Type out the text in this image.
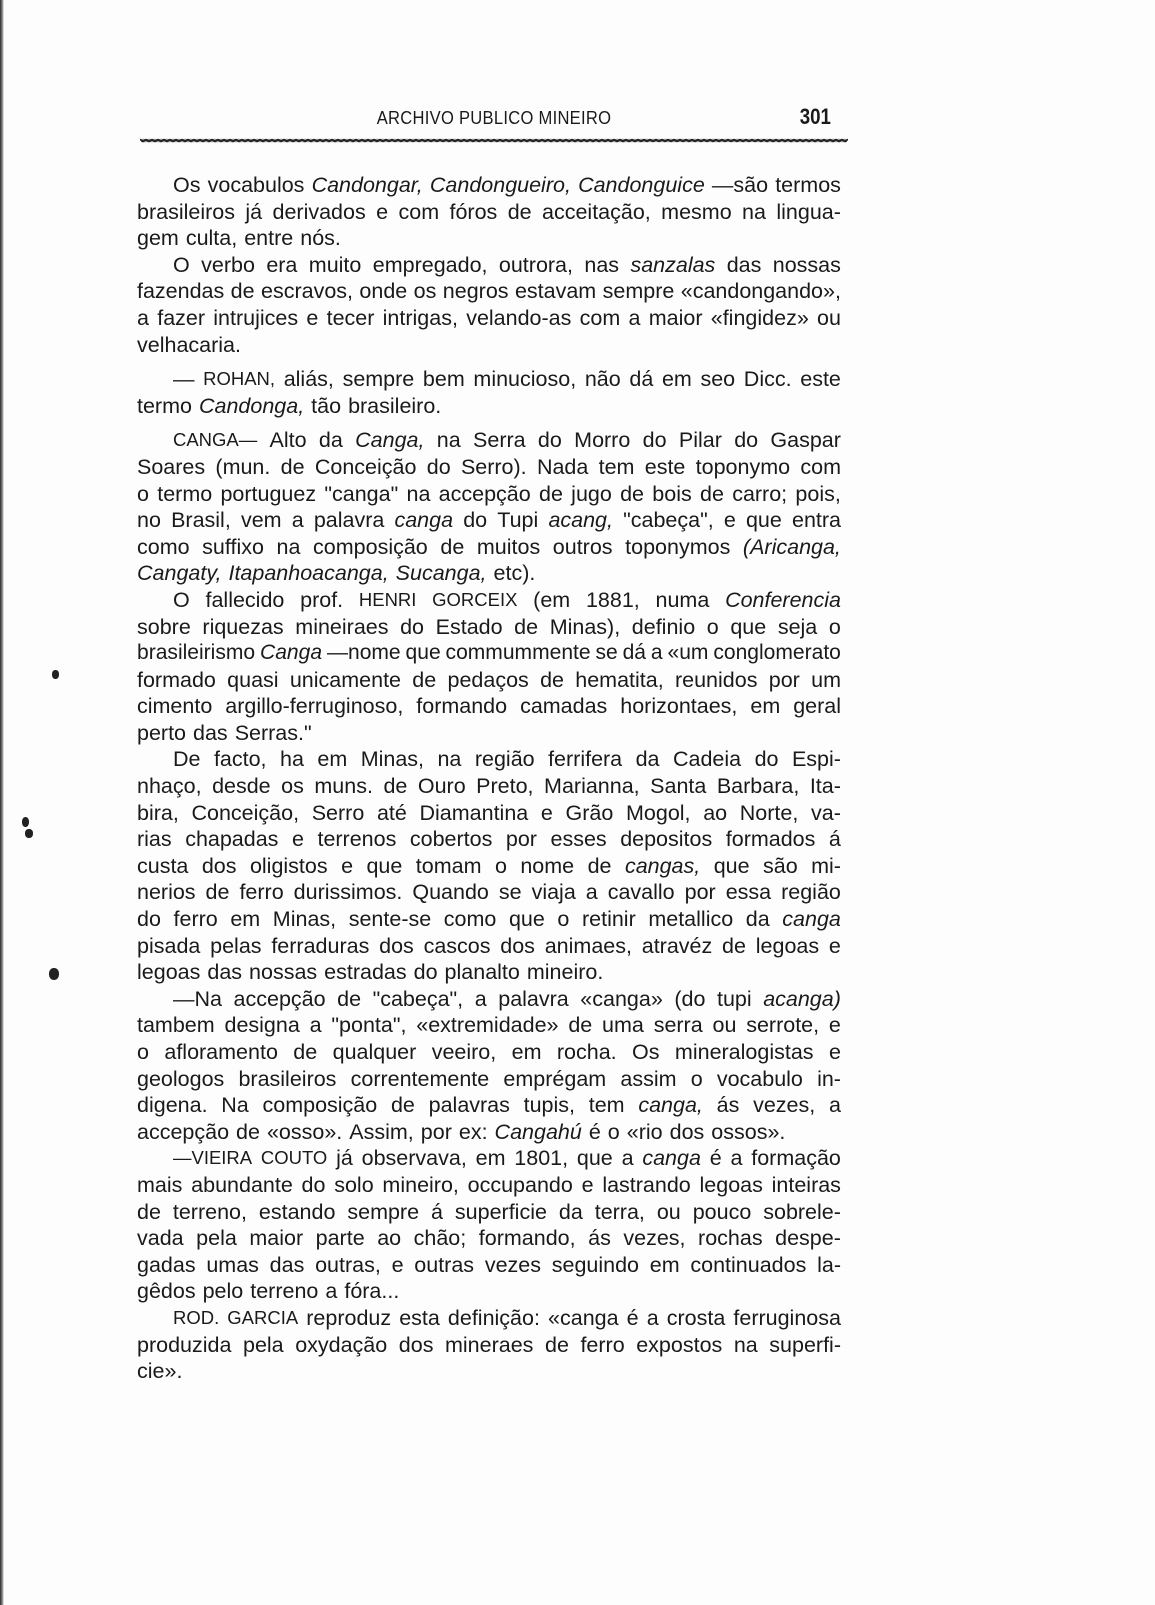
ARCHIVO PUBLICO MINEIRO	301
Os vocabulos Candongar, Candongueiro, Candonguice —são termos
brasileiros já derivados e com fóros de acceitação, mesmo na lingua-
gem culta, entre nós.
O verbo era muito empregado, outrora, nas sanzalas das nossas
fazendas de escravos, onde os negros estavam sempre «candongando»,
a fazer intrujices e tecer intrigas, velando-as com a maior «fingidez» ou
velhacaria.
— ROHAN, aliás, sempre bem minucioso, não dá em seo Dicc. este
termo Candonga, tão brasileiro.
CANGA— Alto da Canga, na Serra do Morro do Pilar do Gaspar
Soares (mun. de Conceição do Serro). Nada tem este toponymo com
o termo portuguez "canga" na accepção de jugo de bois de carro; pois,
no Brasil, vem a palavra canga do Tupi acang, "cabeça", e que entra
como suffixo na composição de muitos outros toponymos (Aricanga,
Cangaty, Itapanhoacanga, Sucanga, etc).
O fallecido prof. HENRI GORCEIX (em 1881, numa Conferencia
sobre riquezas mineiraes do Estado de Minas), definio o que seja o
brasileirismo Canga —nome que commummente se dá a «um conglomerato
formado quasi unicamente de pedaços de hematita, reunidos por um
cimento argillo-ferruginoso, formando camadas horizontaes, em geral
perto das Serras."
De facto, ha em Minas, na região ferrifera da Cadeia do Espi-
nhaço, desde os muns. de Ouro Preto, Marianna, Santa Barbara, Ita-
bira, Conceição, Serro até Diamantina e Grão Mogol, ao Norte, va-
rias chapadas e terrenos cobertos por esses depositos formados á
custa dos oligistos e que tomam o nome de cangas, que são mi-
nerios de ferro durissimos. Quando se viaja a cavallo por essa região
do ferro em Minas, sente-se como que o retinir metallico da canga
pisada pelas ferraduras dos cascos dos animaes, atravéz de legoas e
legoas das nossas estradas do planalto mineiro.
—Na accepção de "cabeça", a palavra «canga» (do tupi acanga)
tambem designa a "ponta", «extremidade» de uma serra ou serrote, e
o afloramento de qualquer veeiro, em rocha. Os mineralogistas e
geologos brasileiros correntemente emprégam assim o vocabulo in-
digena. Na composição de palavras tupis, tem canga, ás vezes, a
accepção de «osso». Assim, por ex: Cangahú é o «rio dos ossos».
—VIEIRA COUTO já observava, em 1801, que a canga é a formação
mais abundante do solo mineiro, occupando e lastrando legoas inteiras
de terreno, estando sempre á superficie da terra, ou pouco sobrele-
vada pela maior parte ao chão; formando, ás vezes, rochas despe-
gadas umas das outras, e outras vezes seguindo em continuados la-
gêdos pelo terreno a fóra...
ROD. GARCIA reproduz esta definição: «canga é a crosta ferruginosa
produzida pela oxydação dos mineraes de ferro expostos na superfi-
cie».
